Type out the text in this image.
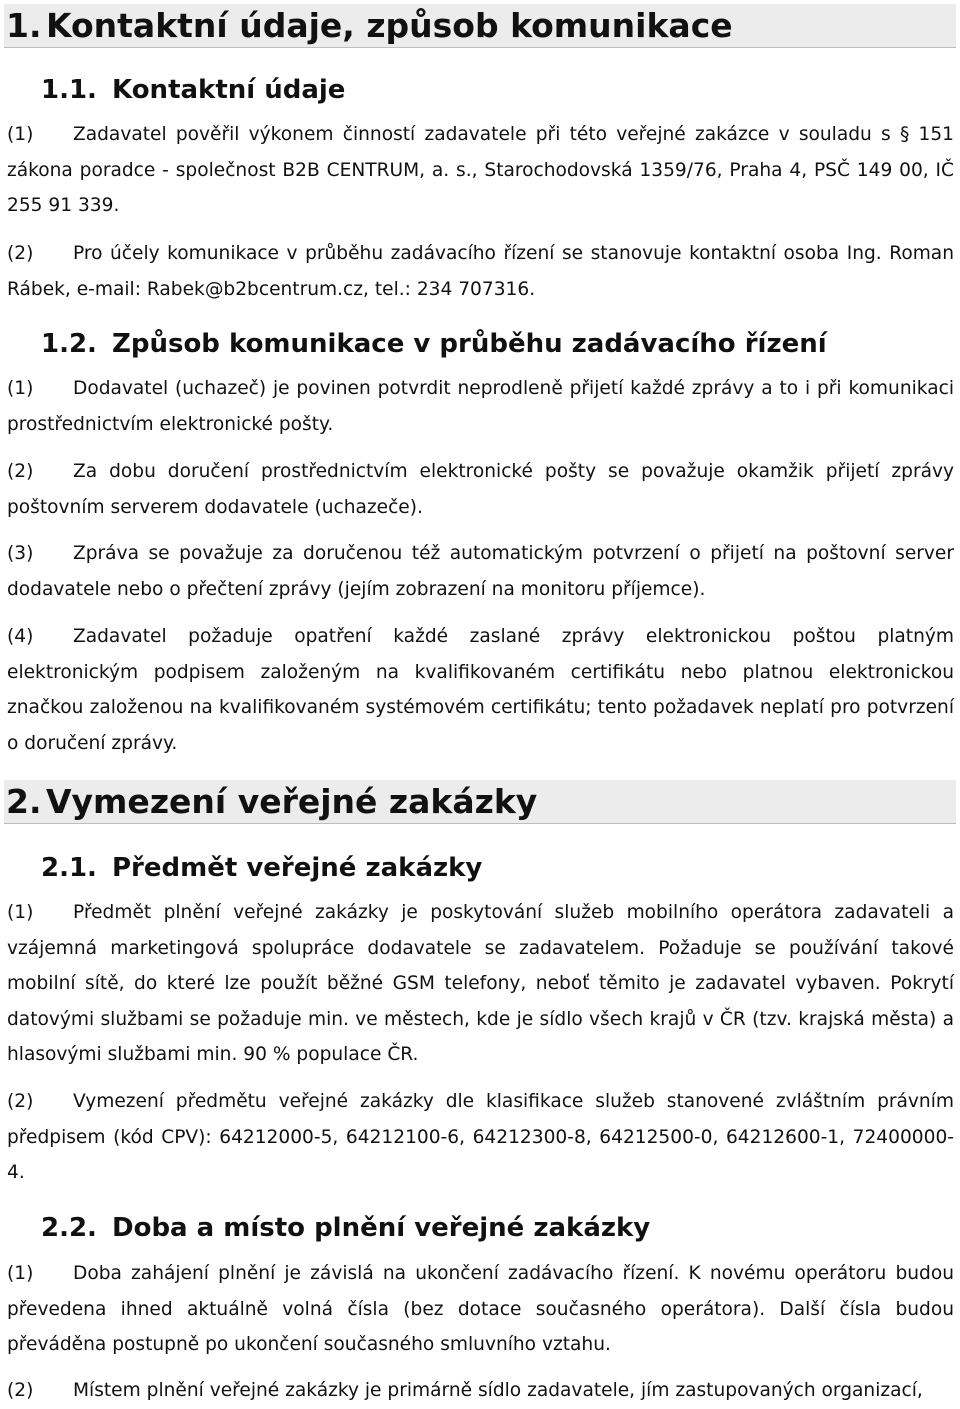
1. Kontaktní údaje, způsob komunikace
1.1. Kontaktní údaje

(1) Zadavatel pověřil výkonem činností zadavatele při této veřejné zakázce v souladu s § 151 zákona poradce - společnost B2B CENTRUM, a. s., Starochodovská 1359/76, Praha 4, PSČ 149 00, IČ 255 91 339.

(2) Pro účely komunikace v průběhu zadávacího řízení se stanovuje kontaktní osoba Ing. Roman Rábek, e-mail: Rabek@b2bcentrum.cz, tel.: 234 707316.

1.2. Způsob komunikace v průběhu zadávacího řízení

(1) Dodavatel (uchazeč) je povinen potvrdit neprodleně přijetí každé zprávy a to i při komunikaci prostřednictvím elektronické pošty.

(2) Za dobu doručení prostřednictvím elektronické pošty se považuje okamžik přijetí zprávy poštovním serverem dodavatele (uchazeče).

(3) Zpráva se považuje za doručenou též automatickým potvrzení o přijetí na poštovní server dodavatele nebo o přečtení zprávy (jejím zobrazení na monitoru příjemce).

(4) Zadavatel požaduje opatření každé zaslané zprávy elektronickou poštou platným elektronickým podpisem založeným na kvalifikovaném certifikátu nebo platnou elektronickou značkou založenou na kvalifikovaném systémovém certifikátu; tento požadavek neplatí pro potvrzení o doručení zprávy.

2. Vymezení veřejné zakázky
2.1. Předmět veřejné zakázky

(1) Předmět plnění veřejné zakázky je poskytování služeb mobilního operátora zadavateli a vzájemná marketingová spolupráce dodavatele se zadavatelem. Požaduje se používání takové mobilní sítě, do které lze použít běžné GSM telefony, neboť těmito je zadavatel vybaven. Pokrytí datovými službami se požaduje min. ve městech, kde je sídlo všech krajů v ČR (tzv. krajská města) a hlasovými službami min. 90 % populace ČR.

(2) Vymezení předmětu veřejné zakázky dle klasifikace služeb stanovené zvláštním právním předpisem (kód CPV): 64212000-5, 64212100-6, 64212300-8, 64212500-0, 64212600-1, 72400000-4.

2.2. Doba a místo plnění veřejné zakázky

(1) Doba zahájení plnění je závislá na ukončení zadávacího řízení. K novému operátoru budou převedena ihned aktuálně volná čísla (bez dotace současného operátora). Další čísla budou převáděna postupně po ukončení současného smluvního vztahu.

(2) Místem plnění veřejné zakázky je primárně sídlo zadavatele, jím zastupovaných organizací,
